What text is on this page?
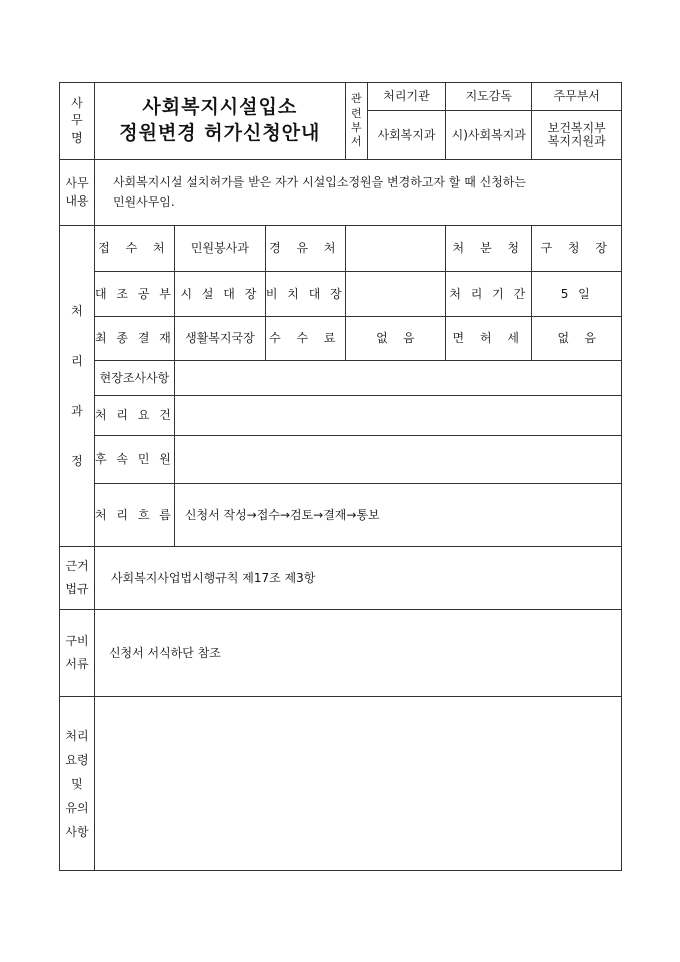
사
무
명	사회복지시설입소
정원변경 허가신청안내			관
련
부
서	처리기관	지도감독	주무부서
					사회복지과	시)사회복지과	보건복지부
복지지원과

사무
내용	사회복지시설 설치허가를 받은 자가 시설입소정원을 변경하고자 할 때 신청하는
민원사무임.						

처
리
과
정	접 수 처	민원봉사과	경 유 처			처 분 청	구 청 장
	대 조 공 부	시 설 대 장	비 치 대 장			처 리 기 간	5 일
	최 종 결 재	생활복지국장	수 수 료	없    음		면 허 세	없    음
	현장조사사항						
	처 리 요 건						
	후 속 민 원						
	처 리 흐 름	신청서 작성→접수→검토→결재→통보					

근거
법규	사회복지사업법시행규칙 제17조 제3항						

구비
서류	신청서 서식하단 참조						

처리
요령
및
유의
사항							
